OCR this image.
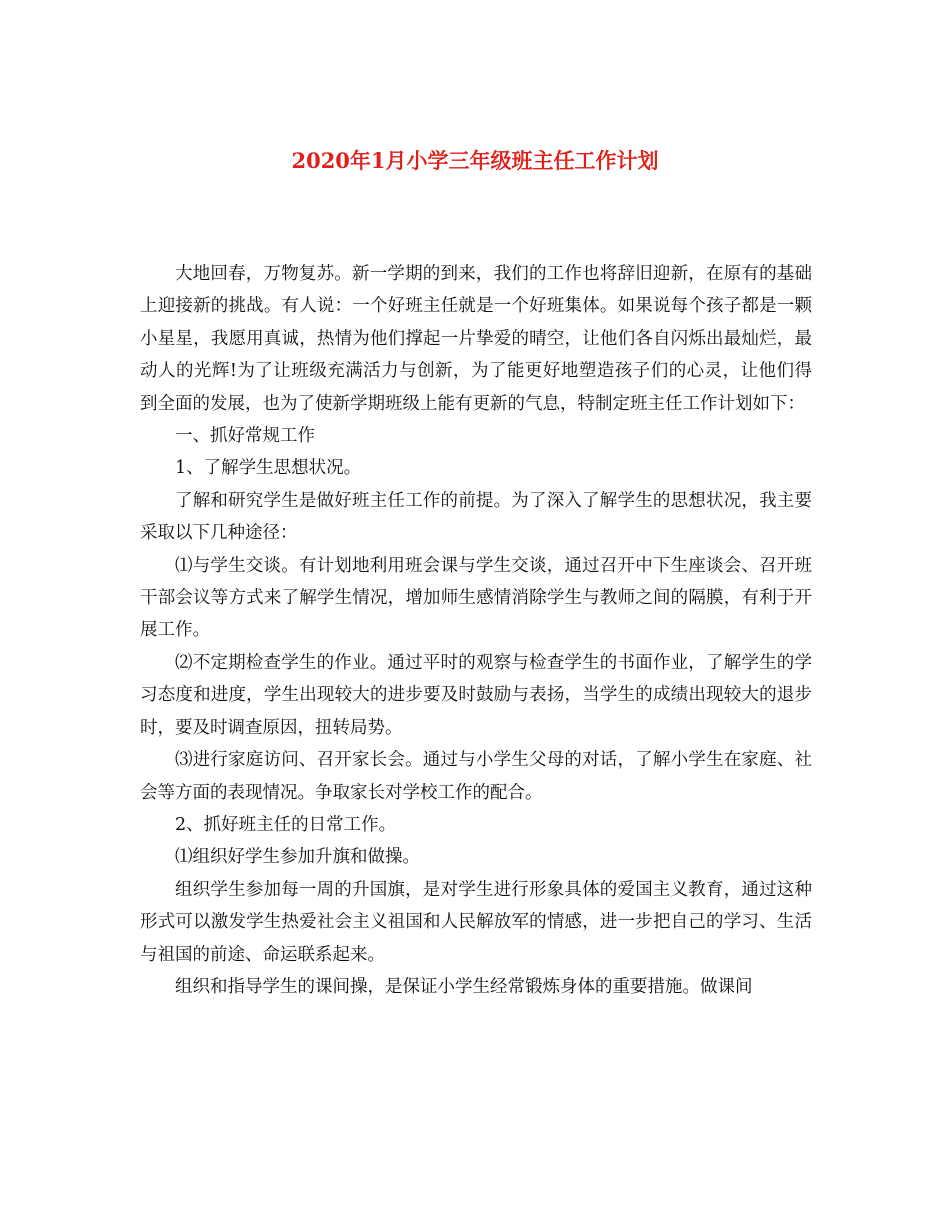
2020年1月小学三年级班主任工作计划

大地回春，万物复苏。新一学期的到来，我们的工作也将辞旧迎新，在原有的基础上迎接新的挑战。有人说：一个好班主任就是一个好班集体。如果说每个孩子都是一颗小星星，我愿用真诚，热情为他们撑起一片挚爱的晴空，让他们各自闪烁出最灿烂，最动人的光辉!为了让班级充满活力与创新，为了能更好地塑造孩子们的心灵，让他们得到全面的发展，也为了使新学期班级上能有更新的气息，特制定班主任工作计划如下：

一、抓好常规工作

1、了解学生思想状况。

了解和研究学生是做好班主任工作的前提。为了深入了解学生的思想状况，我主要采取以下几种途径：

⑴与学生交谈。有计划地利用班会课与学生交谈，通过召开中下生座谈会、召开班干部会议等方式来了解学生情况，增加师生感情消除学生与教师之间的隔膜，有利于开展工作。

⑵不定期检查学生的作业。通过平时的观察与检查学生的书面作业，了解学生的学习态度和进度，学生出现较大的进步要及时鼓励与表扬，当学生的成绩出现较大的退步时，要及时调查原因，扭转局势。

⑶进行家庭访问、召开家长会。通过与小学生父母的对话，了解小学生在家庭、社会等方面的表现情况。争取家长对学校工作的配合。

2、抓好班主任的日常工作。

⑴组织好学生参加升旗和做操。

组织学生参加每一周的升国旗，是对学生进行形象具体的爱国主义教育，通过这种形式可以激发学生热爱社会主义祖国和人民解放军的情感，进一步把自己的学习、生活与祖国的前途、命运联系起来。

组织和指导学生的课间操，是保证小学生经常锻炼身体的重要措施。做课间
